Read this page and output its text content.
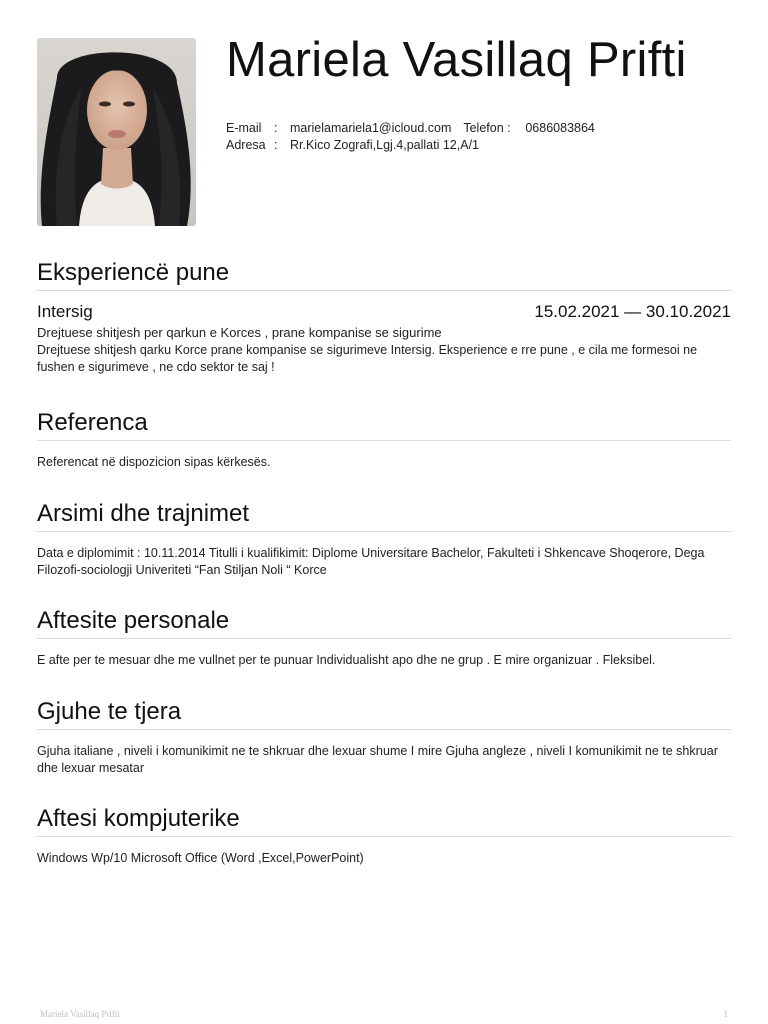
Mariela Vasillaq Prifti
E-mail	:	marielamariela1@icloud.com Telefon :	0686083864
Adresa :	Rr.Kico Zografi,Lgj.4,pallati 12,A/1
Eksperiencë pune
Intersig	15.02.2021 — 30.10.2021
Drejtuese shitjesh per qarkun e Korces , prane kompanise se sigurime

Drejtuese shitjesh qarku Korce prane kompanise se sigurimeve Intersig. Eksperience e rre pune , e cila me formesoi ne fushen e sigurimeve , ne cdo sektor te saj !

Referenca

Referencat në dispozicion sipas kërkesës.

Arsimi dhe trajnimet

Data e diplomimit : 10.11.2014 Titulli i kualifikimit: Diplome Universitare Bachelor, Fakulteti i Shkencave Shoqerore, Dega Filozofi-sociologji Univeriteti “Fan Stiljan Noli “ Korce

Aftesite personale

E afte per te mesuar dhe me vullnet per te punuar Individualisht apo dhe ne grup . E mire organizuar . Fleksibel.

Gjuhe te tjera

Gjuha italiane , niveli i komunikimit ne te shkruar dhe lexuar shume I mire Gjuha angleze , niveli I komunikimit ne te shkruar dhe lexuar mesatar

Aftesi kompjuterike

Windows Wp/10 Microsoft Office (Word ,Excel,PowerPoint)

Mariela Vasillaq Prifti	1
